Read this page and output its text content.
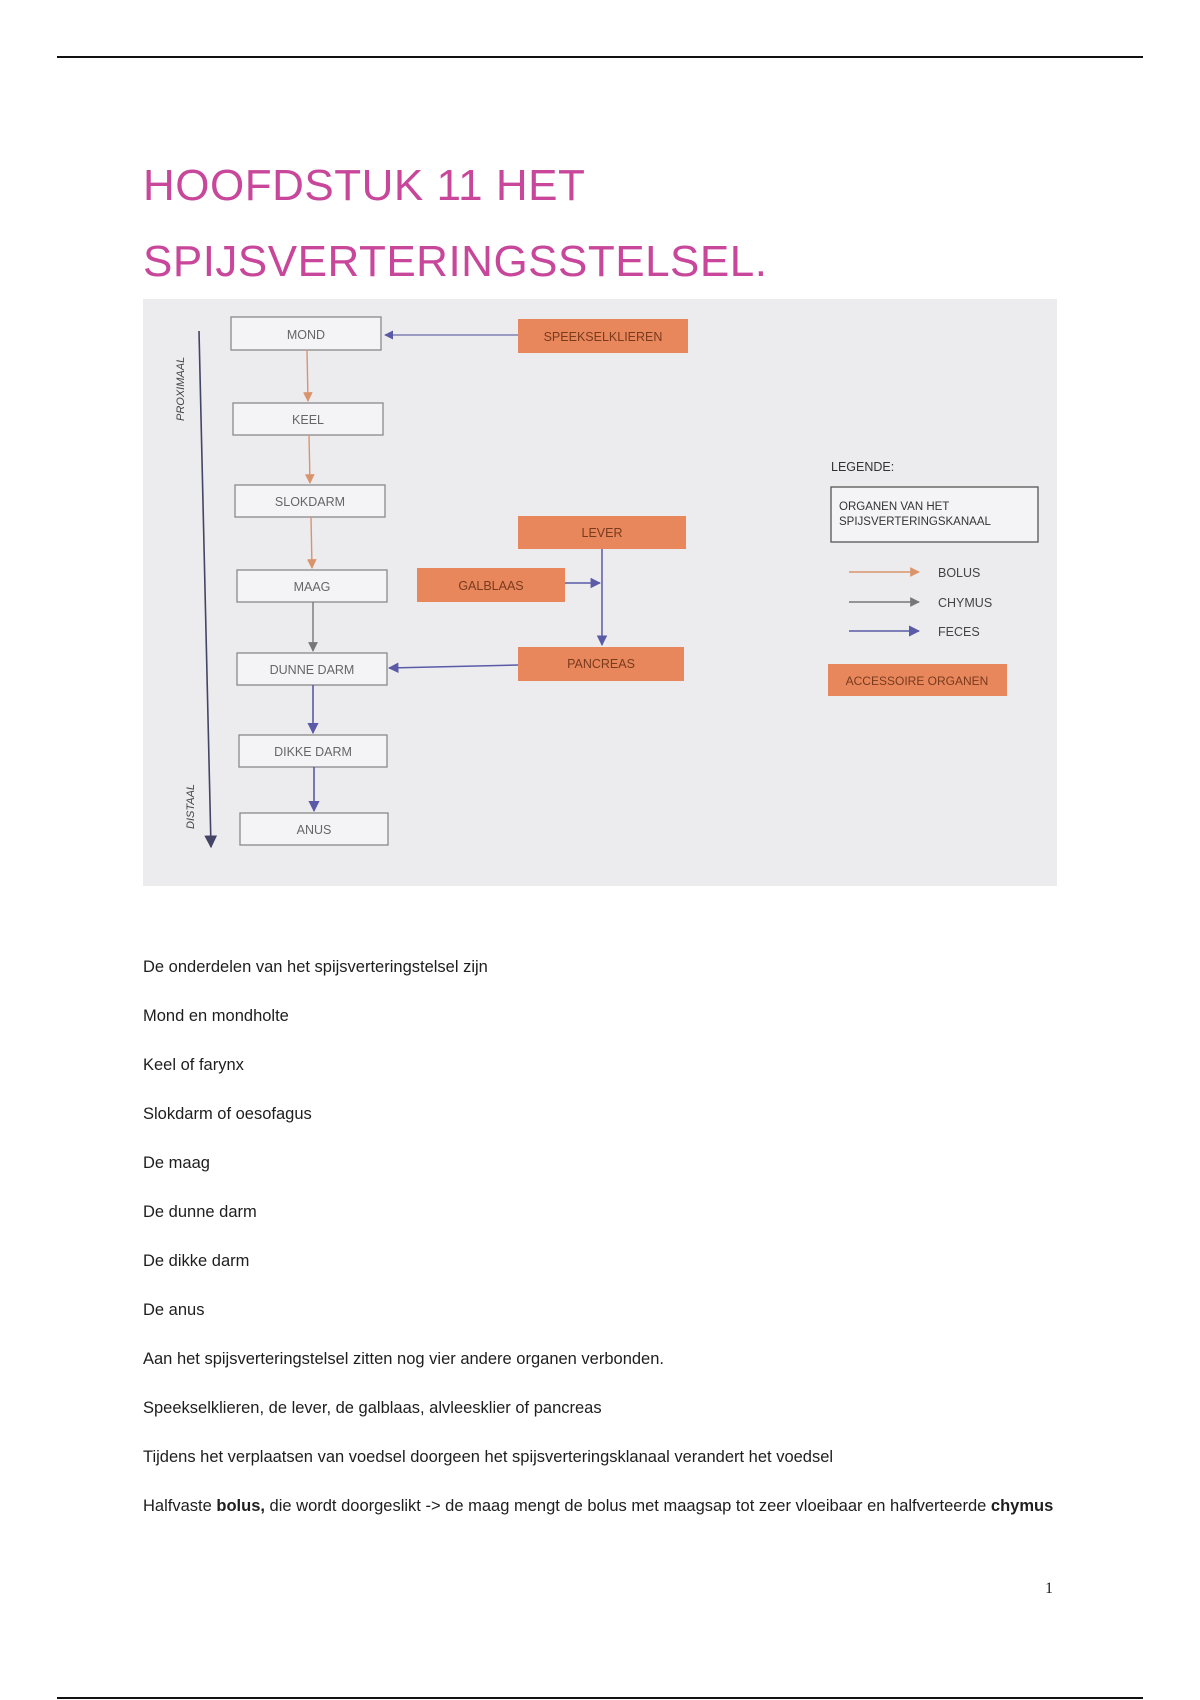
HOOFDSTUK 11 HET
SPIJSVERTERINGSSTELSEL.
PROXIMAAL
DISTAAL
MOND
KEEL
SLOKDARM
MAAG
DUNNE DARM
DIKKE DARM
ANUS
SPEEKSELKLIEREN
LEVER
GALBLAAS
PANCREAS
LEGENDE:
ORGANEN VAN HET
SPIJSVERTERINGSKANAAL
BOLUS
CHYMUS
FECES
ACCESSOIRE ORGANEN

De onderdelen van het spijsverteringstelsel zijn

Mond en mondholte

Keel of farynx

Slokdarm of oesofagus

De maag

De dunne darm

De dikke darm

De anus

Aan het spijsverteringstelsel zitten nog vier andere organen verbonden.

Speekselklieren, de lever, de galblaas, alvleesklier of pancreas

Tijdens het verplaatsen van voedsel doorgeen het spijsverteringsklanaal verandert het voedsel

Halfvaste bolus, die wordt doorgeslikt -> de maag mengt de bolus met maagsap tot zeer vloeibaar en halfverteerde chymus

1
